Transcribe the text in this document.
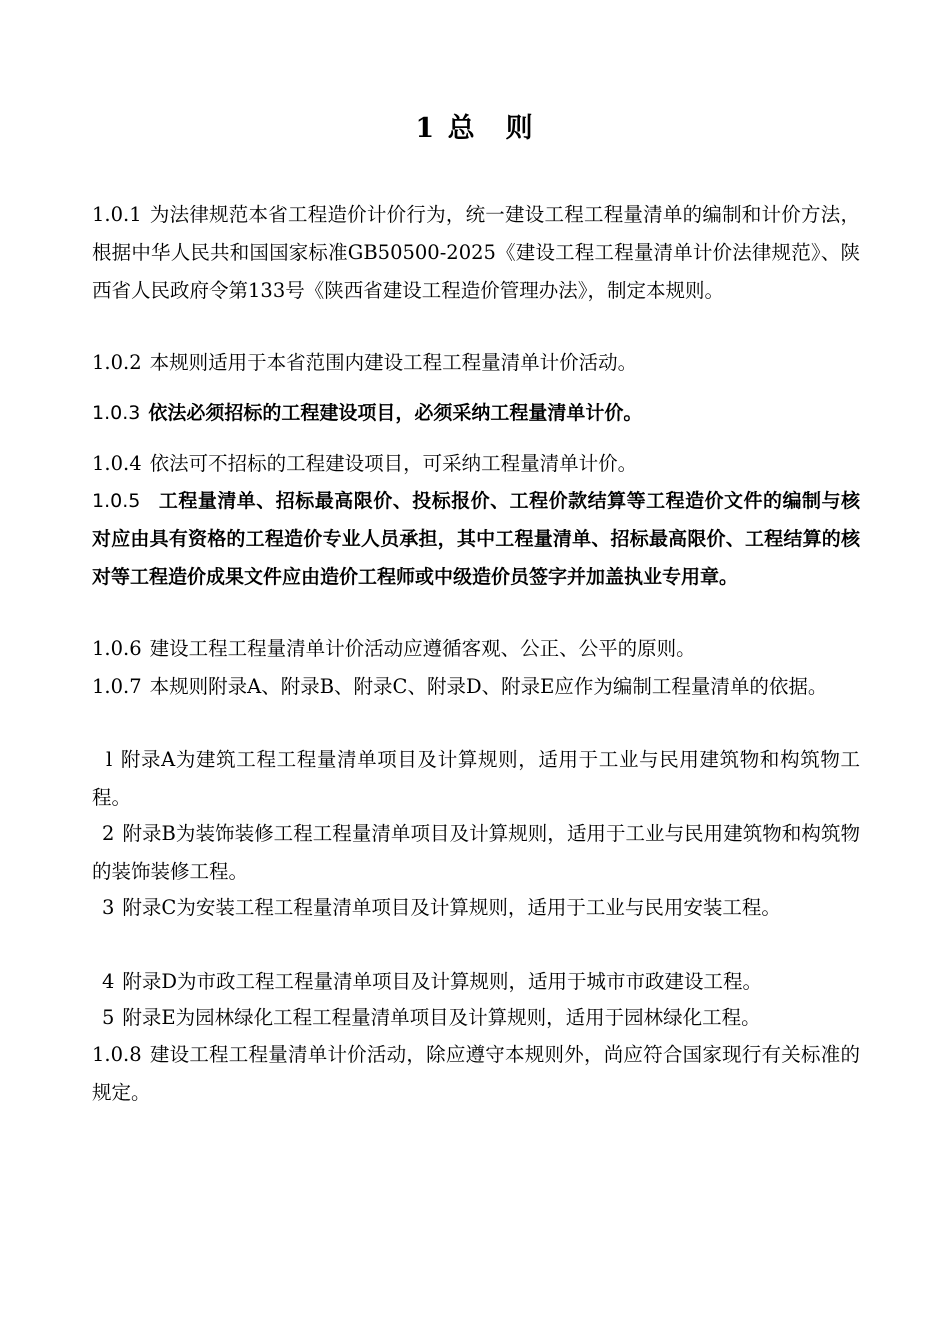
1 总　则
1.0.1 为法律规范本省工程造价计价行为，统一建设工程工程量清单的编制和计价方法，根据中华人民共和国国家标准GB50500-2025《建设工程工程量清单计价法律规范》、陕西省人民政府令第133号《陕西省建设工程造价管理办法》，制定本规则。
1.0.2 本规则适用于本省范围内建设工程工程量清单计价活动。
1.0.3 依法必须招标的工程建设项目，必须采纳工程量清单计价。
1.0.4 依法可不招标的工程建设项目，可采纳工程量清单计价。
1.0.5 工程量清单、招标最高限价、投标报价、工程价款结算等工程造价文件的编制与核对应由具有资格的工程造价专业人员承担，其中工程量清单、招标最高限价、工程结算的核对等工程造价成果文件应由造价工程师或中级造价员签字并加盖执业专用章。
1.0.6 建设工程工程量清单计价活动应遵循客观、公正、公平的原则。
1.0.7 本规则附录A、附录B、附录C、附录D、附录E应作为编制工程量清单的依据。
l 附录A为建筑工程工程量清单项目及计算规则，适用于工业与民用建筑物和构筑物工程。
2 附录B为装饰装修工程工程量清单项目及计算规则，适用于工业与民用建筑物和构筑物的装饰装修工程。
3 附录C为安装工程工程量清单项目及计算规则，适用于工业与民用安装工程。
4 附录D为市政工程工程量清单项目及计算规则，适用于城市市政建设工程。
5 附录E为园林绿化工程工程量清单项目及计算规则，适用于园林绿化工程。
1.0.8 建设工程工程量清单计价活动，除应遵守本规则外，尚应符合国家现行有关标准的规定。
